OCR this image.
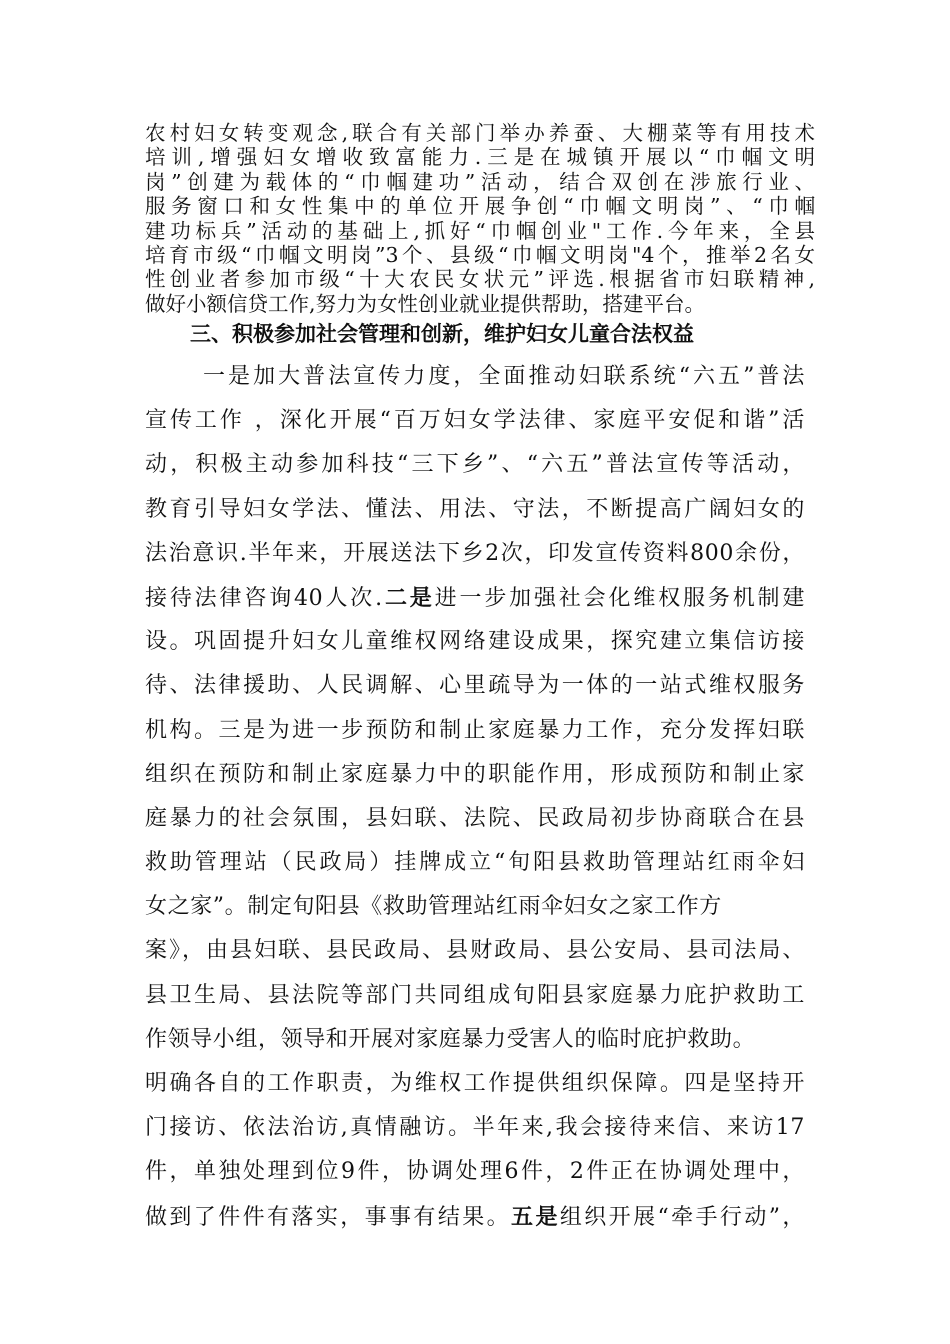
农村妇女转变观念,联合有关部门举办养蚕、大棚菜等有用技术
培训,增强妇女增收致富能力.三是在城镇开展以“巾帼文明
岗”创建为载体的“巾帼建功”活动，结合双创在涉旅行业、
服务窗口和女性集中的单位开展争创“巾帼文明岗”、“巾帼
建功标兵”活动的基础上,抓好“巾帼创业"工作.今年来，全县
培育市级“巾帼文明岗”3个、县级“巾帼文明岗"4个，推举2名女
性创业者参加市级“十大农民女状元”评选.根据省市妇联精神,
做好小额信贷工作,努力为女性创业就业提供帮助，搭建平台。
三、积极参加社会管理和创新，维护妇女儿童合法权益
一是加大普法宣传力度，全面推动妇联系统“六五”普法
宣传工作 ，深化开展“百万妇女学法律、家庭平安促和谐”活
动，积极主动参加科技“三下乡”、“六五”普法宣传等活动，
教育引导妇女学法、懂法、用法、守法，不断提高广阔妇女的
法治意识.半年来，开展送法下乡2次，印发宣传资料800余份，
接待法律咨询40人次.二是进一步加强社会化维权服务机制建
设。巩固提升妇女儿童维权网络建设成果，探究建立集信访接
待、法律援助、人民调解、心里疏导为一体的一站式维权服务
机构。三是为进一步预防和制止家庭暴力工作，充分发挥妇联
组织在预防和制止家庭暴力中的职能作用，形成预防和制止家
庭暴力的社会氛围，县妇联、法院、民政局初步协商联合在县
救助管理站（民政局）挂牌成立“旬阳县救助管理站红雨伞妇
女之家”。制定旬阳县《救助管理站红雨伞妇女之家工作方
案》，由县妇联、县民政局、县财政局、县公安局、县司法局、
县卫生局、县法院等部门共同组成旬阳县家庭暴力庇护救助工
作领导小组，领导和开展对家庭暴力受害人的临时庇护救助。
明确各自的工作职责，为维权工作提供组织保障。四是坚持开
门接访、依法治访,真情融访。半年来,我会接待来信、来访17
件，单独处理到位9件，协调处理6件，2件正在协调处理中，
做到了件件有落实，事事有结果。五是组织开展“牵手行动”，
